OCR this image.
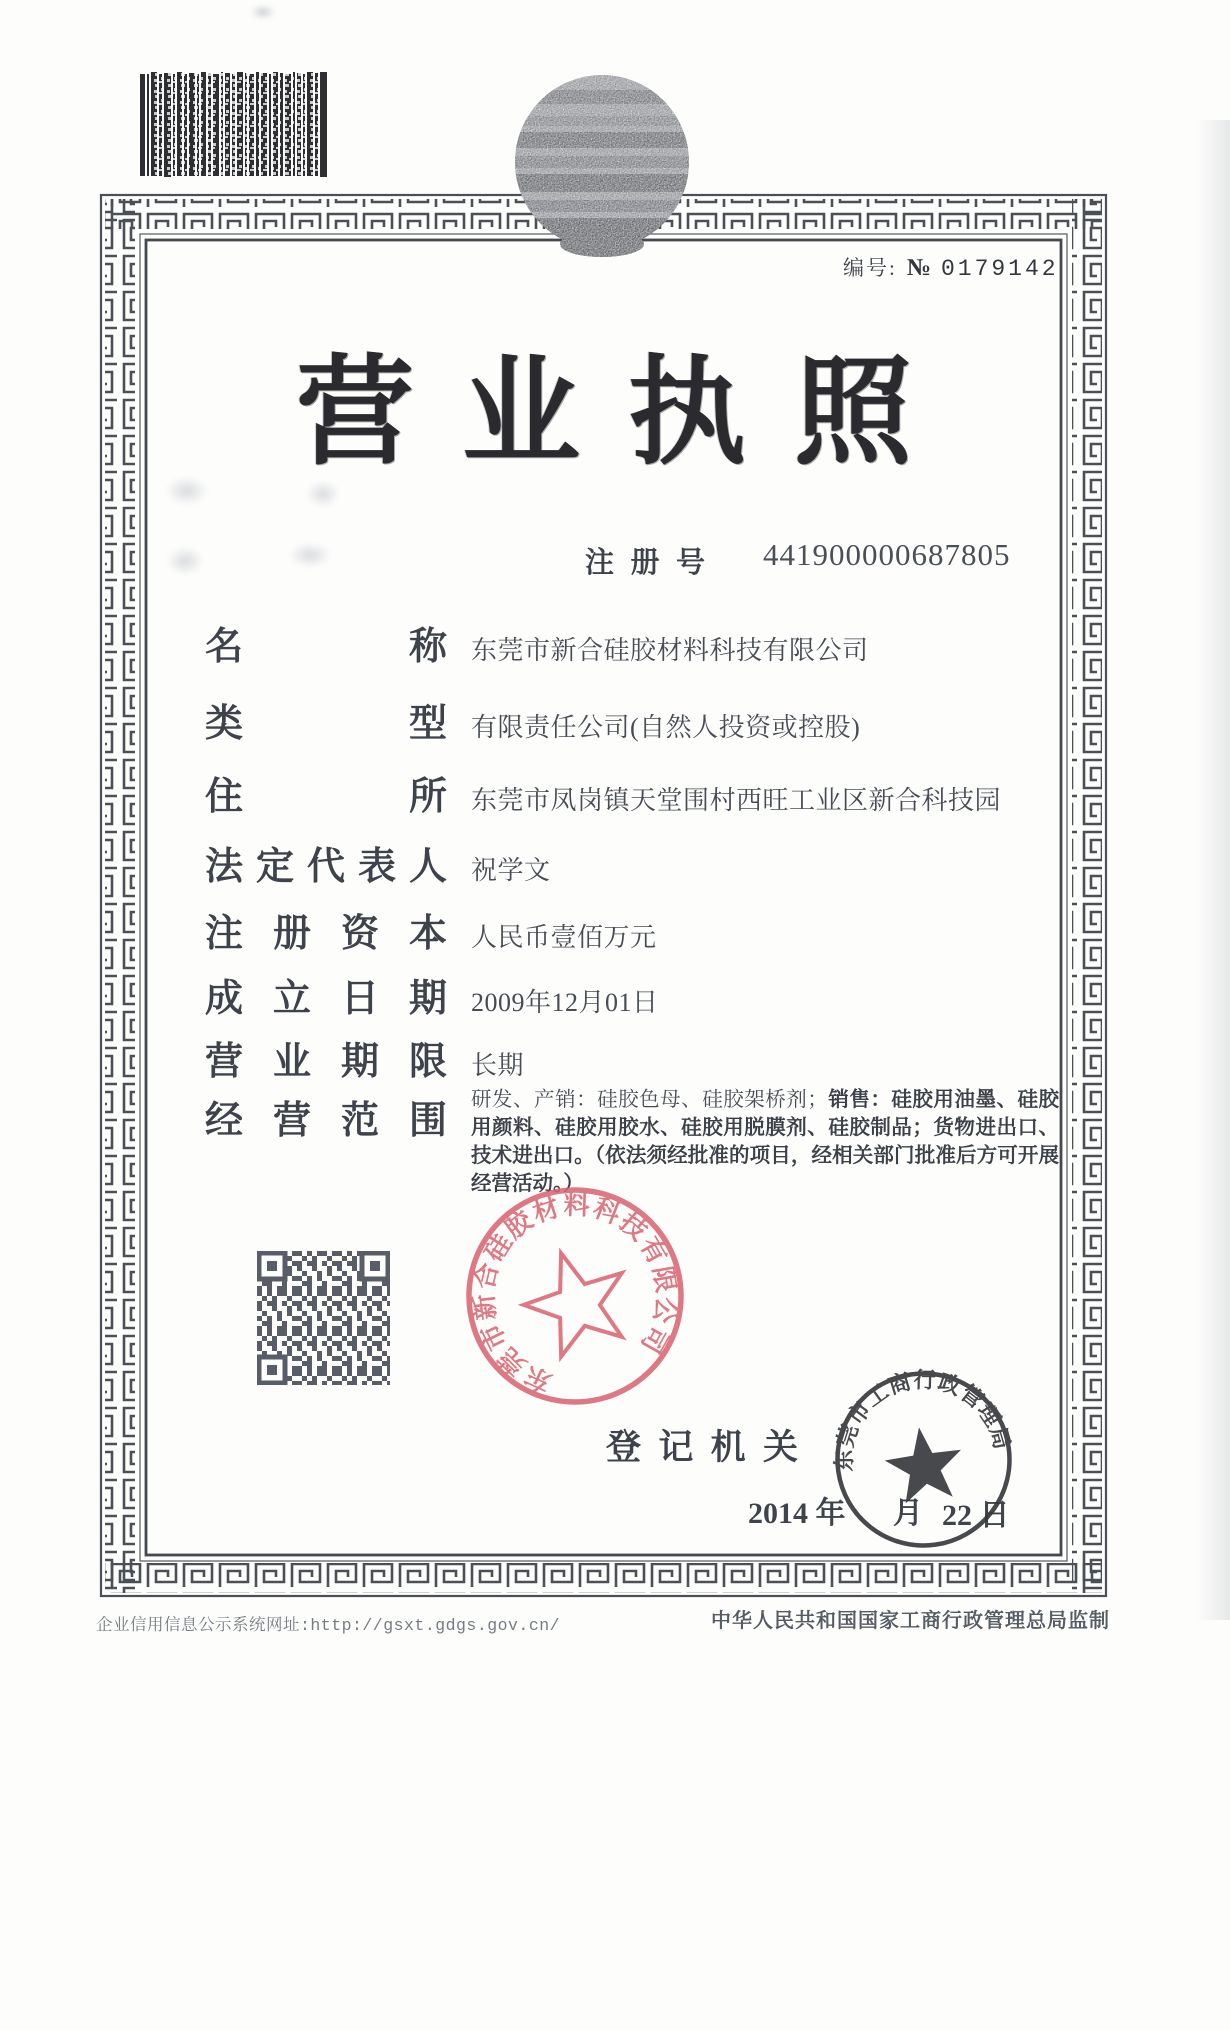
编号: № 0179142
营 业 执 照
注 册 号 441900000687805
名 称 东莞市新合硅胶材料科技有限公司
类 型 有限责任公司(自然人投资或控股)
住 所 东莞市凤岗镇天堂围村西旺工业区新合科技园
法 定 代 表 人 祝学文
注 册 资 本 人民币壹佰万元
成 立 日 期 2009年12月01日
营 业 期 限 长期
经 营 范 围 研发、产销：硅胶色母、硅胶架桥剂；销售：硅胶用油墨、硅胶用颜料、硅胶用胶水、硅胶用脱膜剂、硅胶制品；货物进出口、技术进出口。（依法须经批准的项目，经相关部门批准后方可开展经营活动。）
东莞市新合硅胶材料科技有限公司
登 记 机 关
2014 年 月 22 日
东莞市工商行政管理局
企业信用信息公示系统网址:http://gsxt.gdgs.gov.cn/	中华人民共和国国家工商行政管理总局监制
